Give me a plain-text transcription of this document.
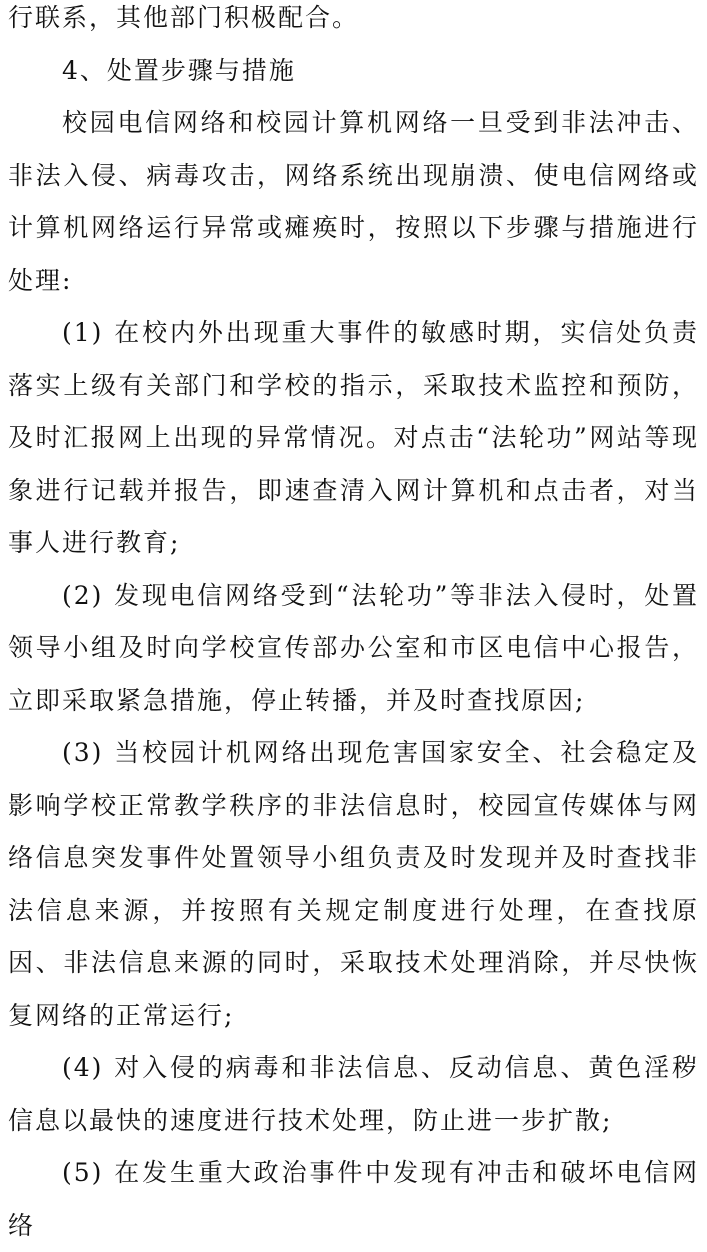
行联系，其他部门积极配合。

4、处置步骤与措施

校园电信网络和校园计算机网络一旦受到非法冲击、非法入侵、病毒攻击，网络系统出现崩溃、使电信网络或计算机网络运行异常或瘫痪时，按照以下步骤与措施进行处理:

(1) 在校内外出现重大事件的敏感时期，实信处负责落实上级有关部门和学校的指示，采取技术监控和预防，及时汇报网上出现的异常情况。对点击“法轮功”网站等现象进行记载并报告，即速查清入网计算机和点击者，对当事人进行教育;

(2) 发现电信网络受到“法轮功”等非法入侵时，处置领导小组及时向学校宣传部办公室和市区电信中心报告，立即采取紧急措施，停止转播，并及时查找原因;

(3) 当校园计机网络出现危害国家安全、社会稳定及影响学校正常教学秩序的非法信息时，校园宣传媒体与网络信息突发事件处置领导小组负责及时发现并及时查找非法信息来源，并按照有关规定制度进行处理，在查找原因、非法信息来源的同时，采取技术处理消除，并尽快恢复网络的正常运行;

(4) 对入侵的病毒和非法信息、反动信息、黄色淫秽信息以最快的速度进行技术处理，防止进一步扩散;

(5) 在发生重大政治事件中发现有冲击和破坏电信网络
